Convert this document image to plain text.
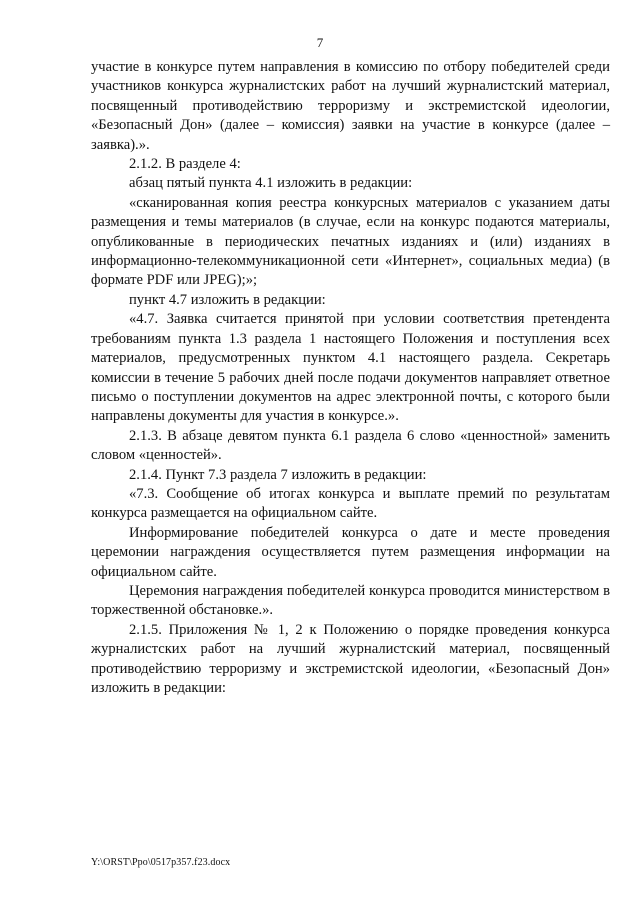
7

участие в конкурсе путем направления в комиссию по отбору победителей среди участников конкурса журналистских работ на лучший журналистский материал, посвященный противодействию терроризму и экстремистской идеологии, «Безопасный Дон» (далее – комиссия) заявки на участие в конкурсе (далее – заявка).».

2.1.2. В разделе 4:

абзац пятый пункта 4.1 изложить в редакции:

«сканированная копия реестра конкурсных материалов с указанием даты размещения и темы материалов (в случае, если на конкурс подаются материалы, опубликованные в периодических печатных изданиях и (или) изданиях в информационно-телекоммуникационной сети «Интернет», социальных медиа) (в формате PDF или JPEG);»;

пункт 4.7 изложить в редакции:

«4.7. Заявка считается принятой при условии соответствия претендента требованиям пункта 1.3 раздела 1 настоящего Положения и поступления всех материалов, предусмотренных пунктом 4.1 настоящего раздела. Секретарь комиссии в течение 5 рабочих дней после подачи документов направляет ответное письмо о поступлении документов на адрес электронной почты, с которого были направлены документы для участия в конкурсе.».

2.1.3. В абзаце девятом пункта 6.1 раздела 6 слово «ценностной» заменить словом «ценностей».

2.1.4. Пункт 7.3 раздела 7 изложить в редакции:

«7.3. Сообщение об итогах конкурса и выплате премий по результатам конкурса размещается на официальном сайте.

Информирование победителей конкурса о дате и месте проведения церемонии награждения осуществляется путем размещения информации на официальном сайте.

Церемония награждения победителей конкурса проводится министерством в торжественной обстановке.».

2.1.5. Приложения № 1, 2 к Положению о порядке проведения конкурса журналистских работ на лучший журналистский материал, посвященный противодействию терроризму и экстремистской идеологии, «Безопасный Дон» изложить в редакции:

Y:\ORST\Ppo\0517p357.f23.docx
